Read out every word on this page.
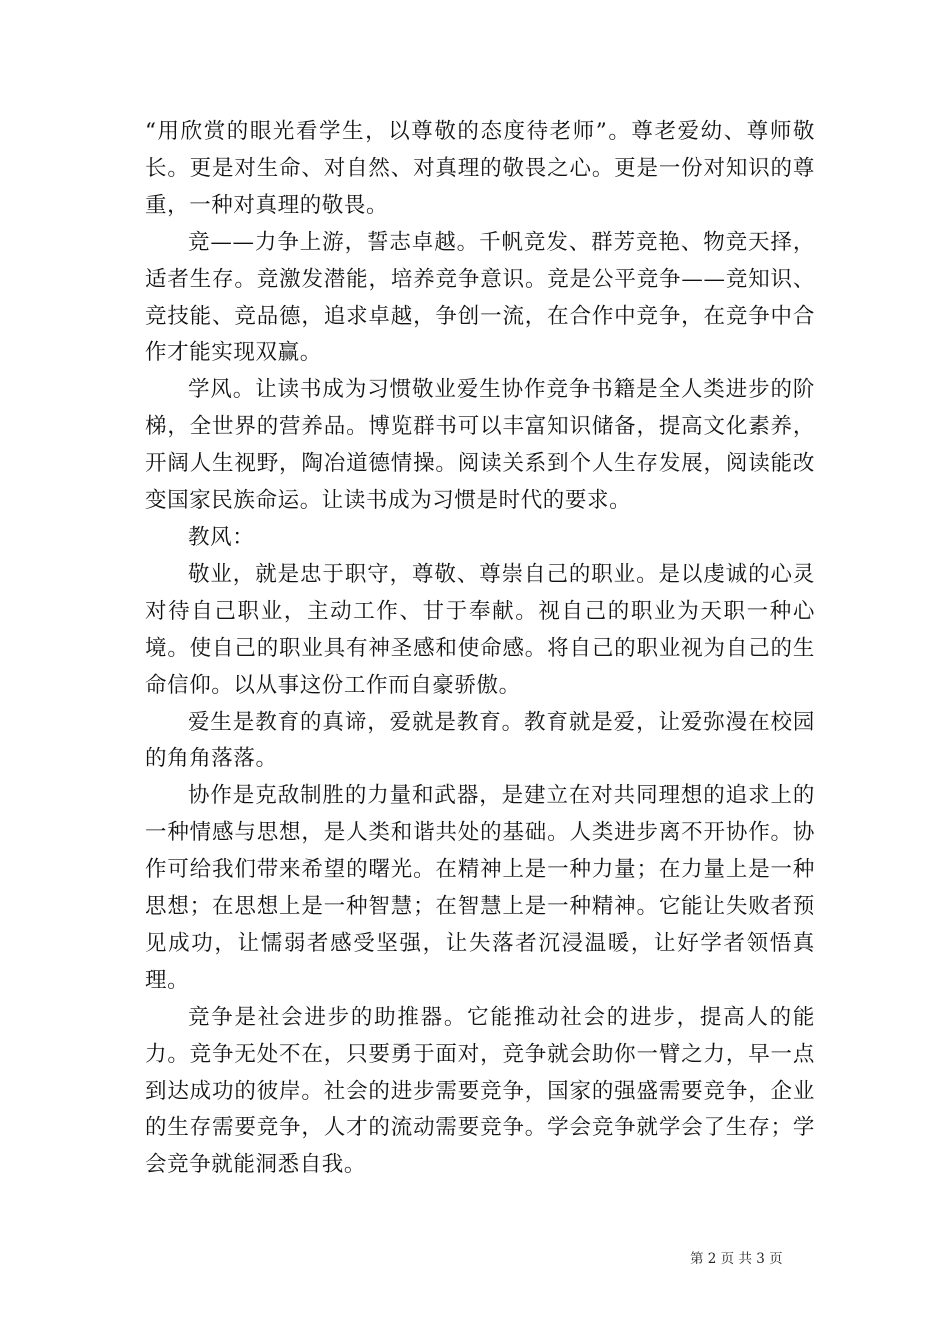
“用欣赏的眼光看学生，以尊敬的态度待老师”。尊老爱幼、尊师敬长。更是对生命、对自然、对真理的敬畏之心。更是一份对知识的尊重，一种对真理的敬畏。

竞——力争上游，誓志卓越。千帆竞发、群芳竞艳、物竞天择，适者生存。竞激发潜能，培养竞争意识。竞是公平竞争——竞知识、竞技能、竞品德，追求卓越，争创一流，在合作中竞争，在竞争中合作才能实现双赢。

学风。让读书成为习惯敬业爱生协作竞争书籍是全人类进步的阶梯，全世界的营养品。博览群书可以丰富知识储备，提高文化素养，开阔人生视野，陶冶道德情操。阅读关系到个人生存发展，阅读能改变国家民族命运。让读书成为习惯是时代的要求。

教风：

敬业，就是忠于职守，尊敬、尊崇自己的职业。是以虔诚的心灵对待自己职业，主动工作、甘于奉献。视自己的职业为天职一种心境。使自己的职业具有神圣感和使命感。将自己的职业视为自己的生命信仰。以从事这份工作而自豪骄傲。

爱生是教育的真谛，爱就是教育。教育就是爱，让爱弥漫在校园的角角落落。

协作是克敌制胜的力量和武器，是建立在对共同理想的追求上的一种情感与思想，是人类和谐共处的基础。人类进步离不开协作。协作可给我们带来希望的曙光。在精神上是一种力量；在力量上是一种思想；在思想上是一种智慧；在智慧上是一种精神。它能让失败者预见成功，让懦弱者感受坚强，让失落者沉浸温暖，让好学者领悟真理。

竞争是社会进步的助推器。它能推动社会的进步，提高人的能力。竞争无处不在，只要勇于面对，竞争就会助你一臂之力，早一点到达成功的彼岸。社会的进步需要竞争，国家的强盛需要竞争，企业的生存需要竞争，人才的流动需要竞争。学会竞争就学会了生存；学会竞争就能洞悉自我。

第 2 页 共 3 页
